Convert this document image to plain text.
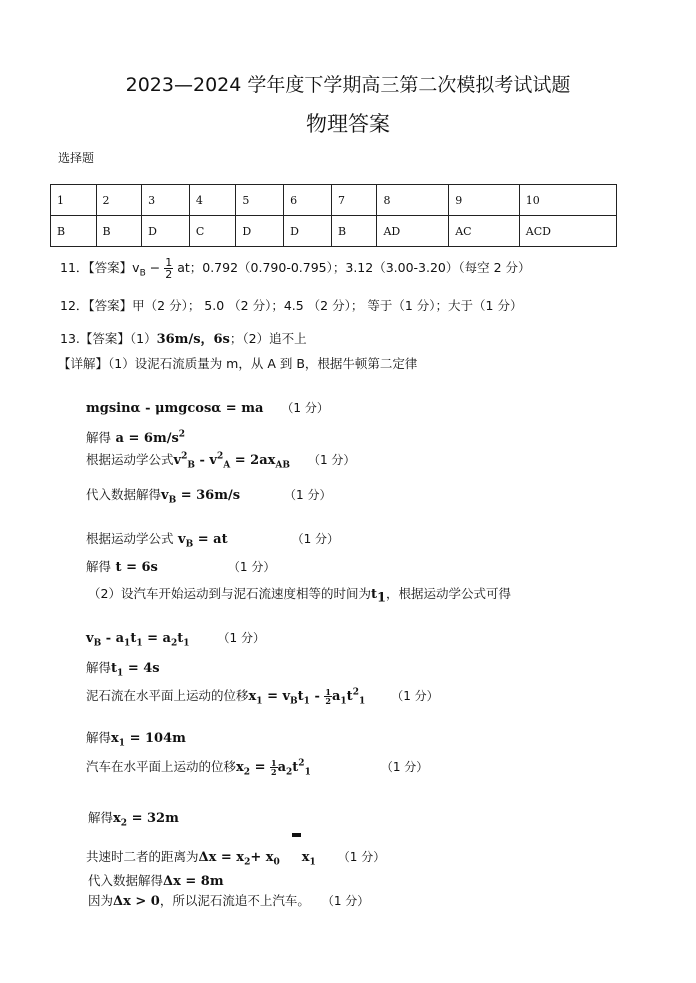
2023—2024 学年度下学期高三第二次模拟考试试题
物理答案
选择题
1	2	3	4	5	6	7	8	9	10
B	B	D	C	D	D	B	AD	AC	ACD
11．【答案】$v_B - \frac{1}{2}$ at；0.792（0.790-0.795）；3.12（3.00-3.20）（每空 2 分）
12．【答案】甲（2 分）； 5.0 （2 分）；4.5 （2 分）； 等于（1 分）；大于（1 分）
13.【答案】（1）36m/s，6s；（2）追不上
【详解】（1）设泥石流质量为 m，从 A 到 B，根据牛顿第二定律
mgsinα - μmgcosα = ma （1 分）
解得 $a = 6m/s^2$
根据运动学公式$v^2_B - v^2_A = 2ax_{AB}$ （1 分）
代入数据解得$v_B = 36m/s$	（1 分）
根据运动学公式 $v_B$ = at	（1 分）
解得 t = 6s	（1 分）
（2）设汽车开始运动到与泥石流速度相等的时间为$t_1$，根据运动学公式可得
$v_B - a_1t_1 = a_2t_1$ （1 分）
解得$t_1 = 4s$
泥石流在水平面上运动的位移$x_1 = v_Bt_1 - \frac{1}{2} a_1t^2_1$ （1 分）
解得$x_1 = 104m$
汽车在水平面上运动的位移$x_2 = \frac{1}{2} a_2t^2_1$	（1 分）
解得$x_2 = 32m$
共速时二者的距离为$\Delta x = x_2+ x_0$ $x_1$ （1 分）
代入数据解得Δx = 8m
因为Δx > 0，所以泥石流追不上汽车。 （1 分）
